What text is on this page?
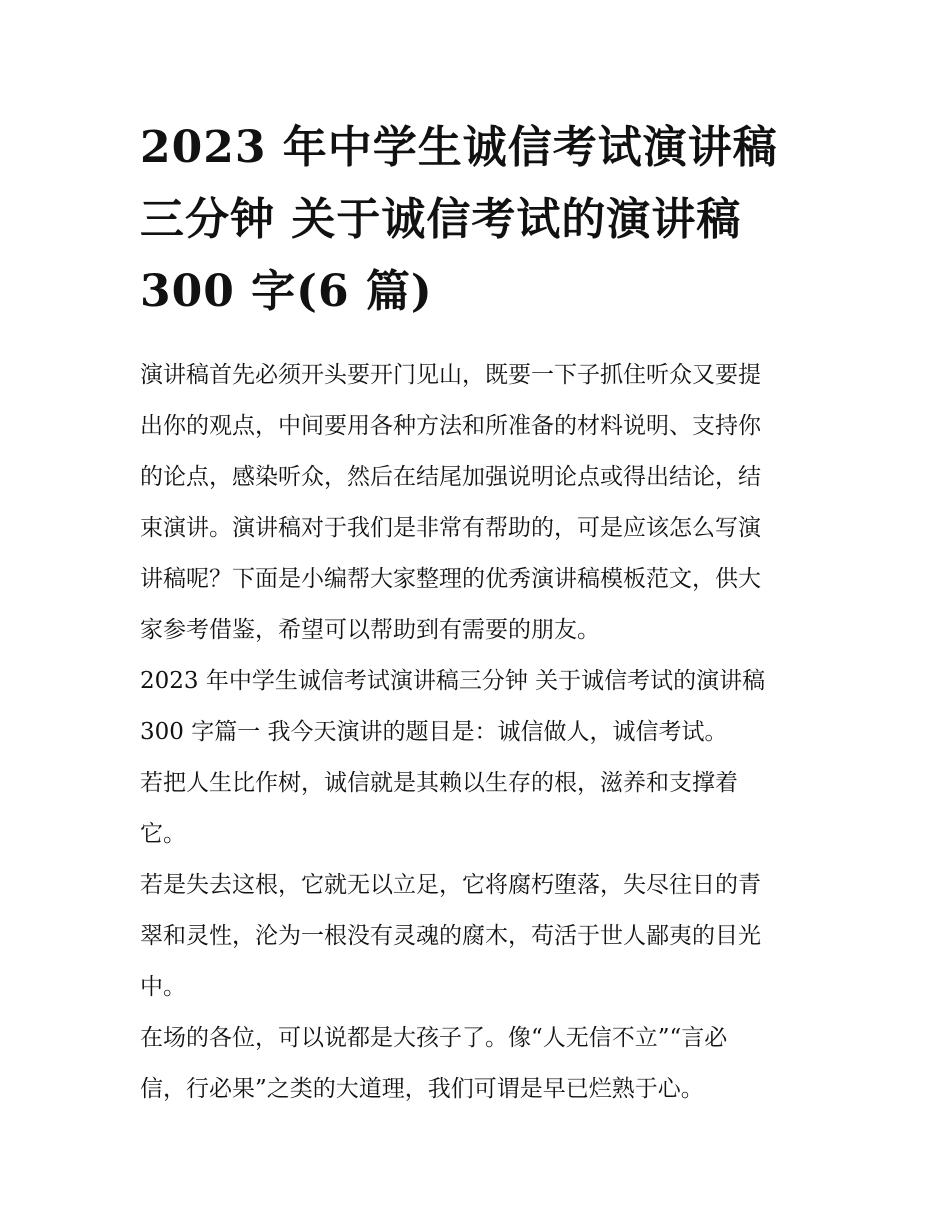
2023 年中学生诚信考试演讲稿
三分钟 关于诚信考试的演讲稿
300 字(6 篇)

演讲稿首先必须开头要开门见山，既要一下子抓住听众又要提
出你的观点，中间要用各种方法和所准备的材料说明、支持你
的论点，感染听众，然后在结尾加强说明论点或得出结论，结
束演讲。演讲稿对于我们是非常有帮助的，可是应该怎么写演
讲稿呢？下面是小编帮大家整理的优秀演讲稿模板范文，供大
家参考借鉴，希望可以帮助到有需要的朋友。

2023 年中学生诚信考试演讲稿三分钟 关于诚信考试的演讲稿
300 字篇一 我今天演讲的题目是：诚信做人，诚信考试。

若把人生比作树，诚信就是其赖以生存的根，滋养和支撑着
它。

若是失去这根，它就无以立足，它将腐朽堕落，失尽往日的青
翠和灵性，沦为一根没有灵魂的腐木，苟活于世人鄙夷的目光
中。

在场的各位，可以说都是大孩子了。像“人无信不立”“言必
信，行必果”之类的大道理，我们可谓是早已烂熟于心。
